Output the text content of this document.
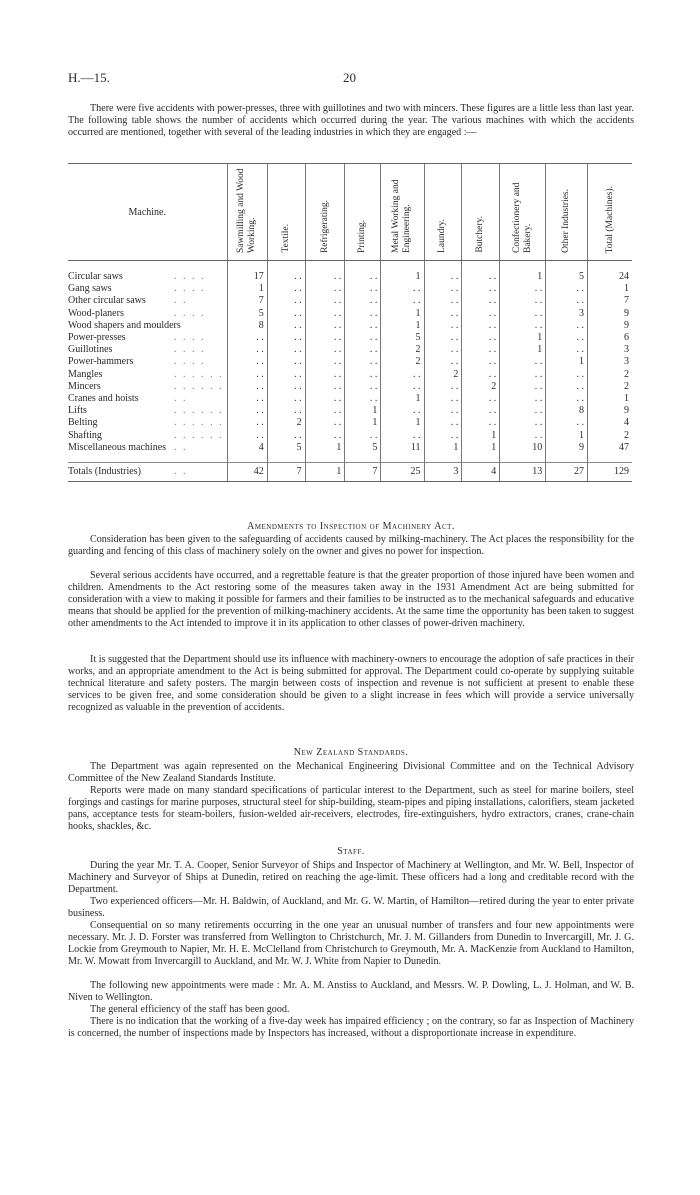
H.—15.	20

There were five accidents with power-presses, three with guillotines and two with mincers. These figures are a little less than last year. The following table shows the number of accidents which occurred during the year. The various machines with which the accidents occurred are mentioned, together with several of the leading industries in which they are engaged :—

Machine.	Sawmilling and Wood Working.	Textile.	Refrigerating.	Printing.	Metal Working and Engineering.	Laundry.	Butchery.	Confectionery and Bakery.	Other Industries.	Total (Machines).

Circular saws . . . .	17	. .	. .	. .	1	. .	. .	1	5	24
Gang saws . . . .	1	. .	. .	. .	. .	. .	. .	. .	. .	1
Other circular saws . .	7	. .	. .	. .	. .	. .	. .	. .	. .	7
Wood-planers . . . .	5	. .	. .	. .	1	. .	. .	. .	3	9
Wood shapers and moulders	8	. .	. .	. .	1	. .	. .	. .	. .	9
Power-presses . . . .	. .	. .	. .	. .	5	. .	. .	1	. .	6
Guillotines . . . .	. .	. .	. .	. .	2	. .	. .	1	. .	3
Power-hammers . . . .	. .	. .	. .	. .	2	. .	. .	. .	1	3
Mangles . . . . . .	. .	. .	. .	. .	. .	2	. .	. .	. .	2
Mincers . . . . . .	. .	. .	. .	. .	. .	. .	2	. .	. .	2
Cranes and hoists . .	. .	. .	. .	. .	1	. .	. .	. .	. .	1
Lifts . . . . . .	. .	. .	. .	1	. .	. .	. .	. .	8	9
Belting . . . . . .	. .	2	. .	1	1	. .	. .	. .	. .	4
Shafting . . . . . .	. .	. .	. .	. .	. .	. .	1	. .	1	2
Miscellaneous machines . .	4	5	1	5	11	1	1	10	9	47

Totals (Industries) . .	42	7	1	7	25	3	4	13	27	129
Amendments to Inspection of Machinery Act.

Consideration has been given to the safeguarding of accidents caused by milking-machinery. The Act places the responsibility for the guarding and fencing of this class of machinery solely on the owner and gives no power for inspection.

Several serious accidents have occurred, and a regrettable feature is that the greater proportion of those injured have been women and children. Amendments to the Act restoring some of the measures taken away in the 1931 Amendment Act are being submitted for consideration with a view to making it possible for farmers and their families to be instructed as to the mechanical safeguards and educative means that should be applied for the prevention of milking-machinery accidents. At the same time the opportunity has been taken to suggest other amendments to the Act intended to improve it in its application to other classes of power-driven machinery.

It is suggested that the Department should use its influence with machinery-owners to encourage the adoption of safe practices in their works, and an appropriate amendment to the Act is being submitted for approval. The Department could co-operate by supplying suitable technical literature and safety posters. The margin between costs of inspection and revenue is not sufficient at present to enable these services to be given free, and some consideration should be given to a slight increase in fees which will provide a service universally recognized as valuable in the prevention of accidents.

New Zealand Standards.

The Department was again represented on the Mechanical Engineering Divisional Committee and on the Technical Advisory Committee of the New Zealand Standards Institute.

Reports were made on many standard specifications of particular interest to the Department, such as steel for marine boilers, steel forgings and castings for marine purposes, structural steel for ship-building, steam-pipes and piping installations, calorifiers, steam jacketed pans, acceptance tests for steam-boilers, fusion-welded air-receivers, electrodes, fire-extinguishers, hydro extractors, cranes, crane-chain hooks, shackles, &c.

Staff.

During the year Mr. T. A. Cooper, Senior Surveyor of Ships and Inspector of Machinery at Wellington, and Mr. W. Bell, Inspector of Machinery and Surveyor of Ships at Dunedin, retired on reaching the age-limit. These officers had a long and creditable record with the Department.

Two experienced officers—Mr. H. Baldwin, of Auckland, and Mr. G. W. Martin, of Hamilton—retired during the year to enter private business.

Consequential on so many retirements occurring in the one year an unusual number of transfers and four new appointments were necessary. Mr. J. D. Forster was transferred from Wellington to Christchurch, Mr. J. M. Gillanders from Dunedin to Invercargill, Mr. J. G. Lockie from Greymouth to Napier, Mr. H. E. McClelland from Christchurch to Greymouth, Mr. A. MacKenzie from Auckland to Hamilton, Mr. W. Mowatt from Invercargill to Auckland, and Mr. W. J. White from Napier to Dunedin.

The following new appointments were made : Mr. A. M. Anstiss to Auckland, and Messrs. W. P. Dowling, L. J. Holman, and W. B. Niven to Wellington.

The general efficiency of the staff has been good.

There is no indication that the working of a five-day week has impaired efficiency ; on the contrary, so far as Inspection of Machinery is concerned, the number of inspections made by Inspectors has increased, without a disproportionate increase in expenditure.
